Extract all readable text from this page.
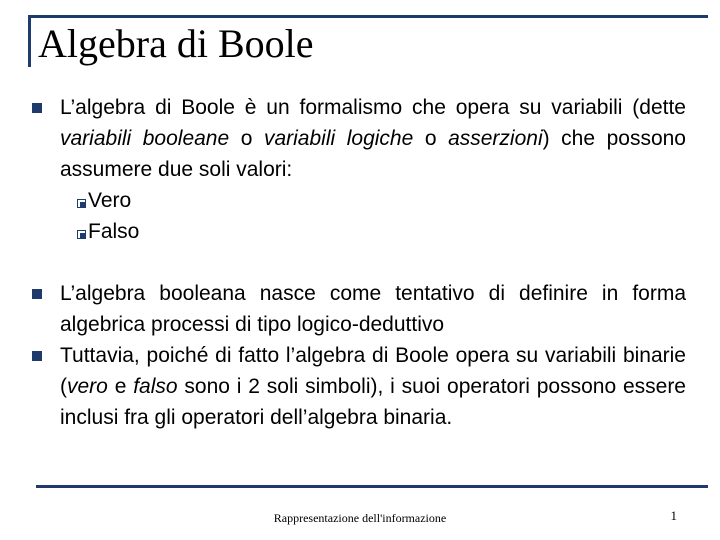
Algebra di Boole
L’algebra di Boole è un formalismo che opera su variabili (dette variabili booleane o variabili logiche o asserzioni) che possono assumere due soli valori:
Vero
Falso
L’algebra booleana nasce come tentativo di definire in forma algebrica processi di tipo logico-deduttivo
Tuttavia, poiché di fatto l’algebra di Boole opera su variabili binarie (vero e falso sono i 2 soli simboli), i suoi operatori possono essere inclusi fra gli operatori dell’algebra binaria.
Rappresentazione dell'informazione	1
